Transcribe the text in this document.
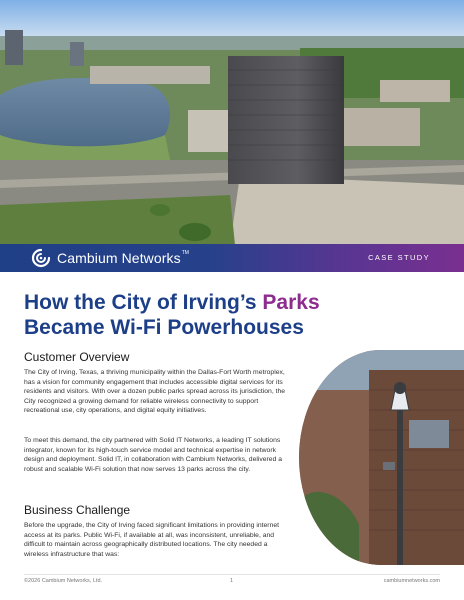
Cambium Networks TM	CASE STUDY
How the City of Irving’s Parks
Became Wi-Fi Powerhouses
Customer Overview

The City of Irving, Texas, a thriving municipality within the Dallas-Fort Worth metroplex, has a vision for community engagement that includes accessible digital services for its residents and visitors. With over a dozen public parks spread across its jurisdiction, the City recognized a growing demand for reliable wireless connectivity to support recreational use, city operations, and digital equity initiatives.

To meet this demand, the city partnered with Solid IT Networks, a leading IT solutions integrator, known for its high-touch service model and technical expertise in network design and deployment. Solid IT, in collaboration with Cambium Networks, delivered a robust and scalable Wi-Fi solution that now serves 13 parks across the city.

Business Challenge

Before the upgrade, the City of Irving faced significant limitations in providing internet access at its parks. Public Wi-Fi, if available at all, was inconsistent, unreliable, and difficult to maintain across geographically distributed locations. The city needed a wireless infrastructure that was:

©2026 Cambium Networks, Ltd.	1	cambiumnetworks.com
